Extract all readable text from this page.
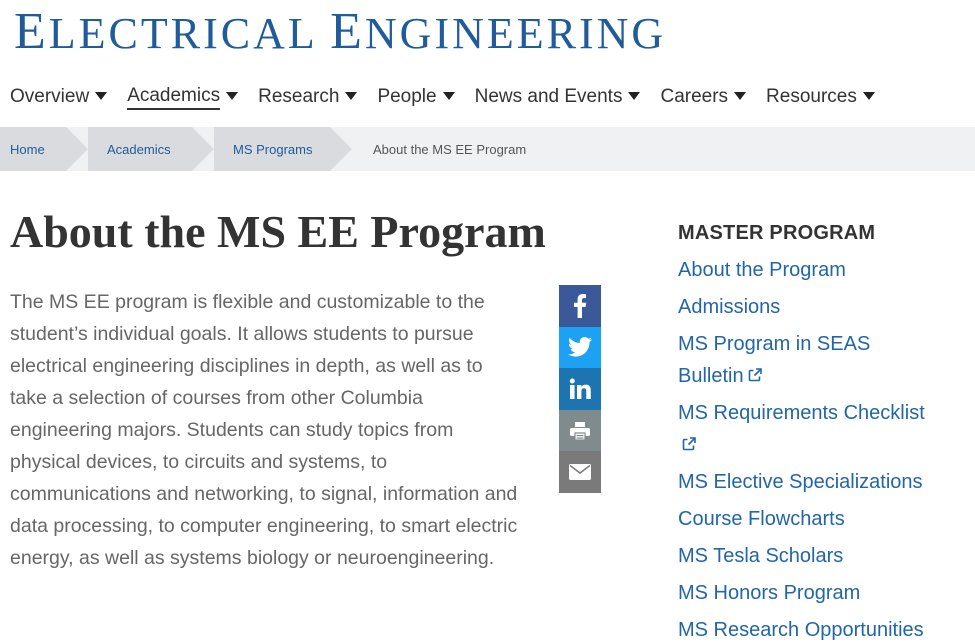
ELECTRICAL ENGINEERING
Overview Academics Research People News and Events Careers Resources
Home	Academics	MS Programs	About the MS EE Program
About the MS EE Program

The MS EE program is flexible and customizable to the student’s individual goals. It allows students to pursue electrical engineering disciplines in depth, as well as to take a selection of courses from other Columbia engineering majors. Students can study topics from physical devices, to circuits and systems, to communications and networking, to signal, information and data processing, to computer engineering, to smart electric energy, as well as systems biology or neuroengineering.

MASTER PROGRAM
About the Program
Admissions
MS Program in SEAS Bulletin
MS Requirements Checklist
MS Elective Specializations
Course Flowcharts
MS Tesla Scholars
MS Honors Program
MS Research Opportunities
